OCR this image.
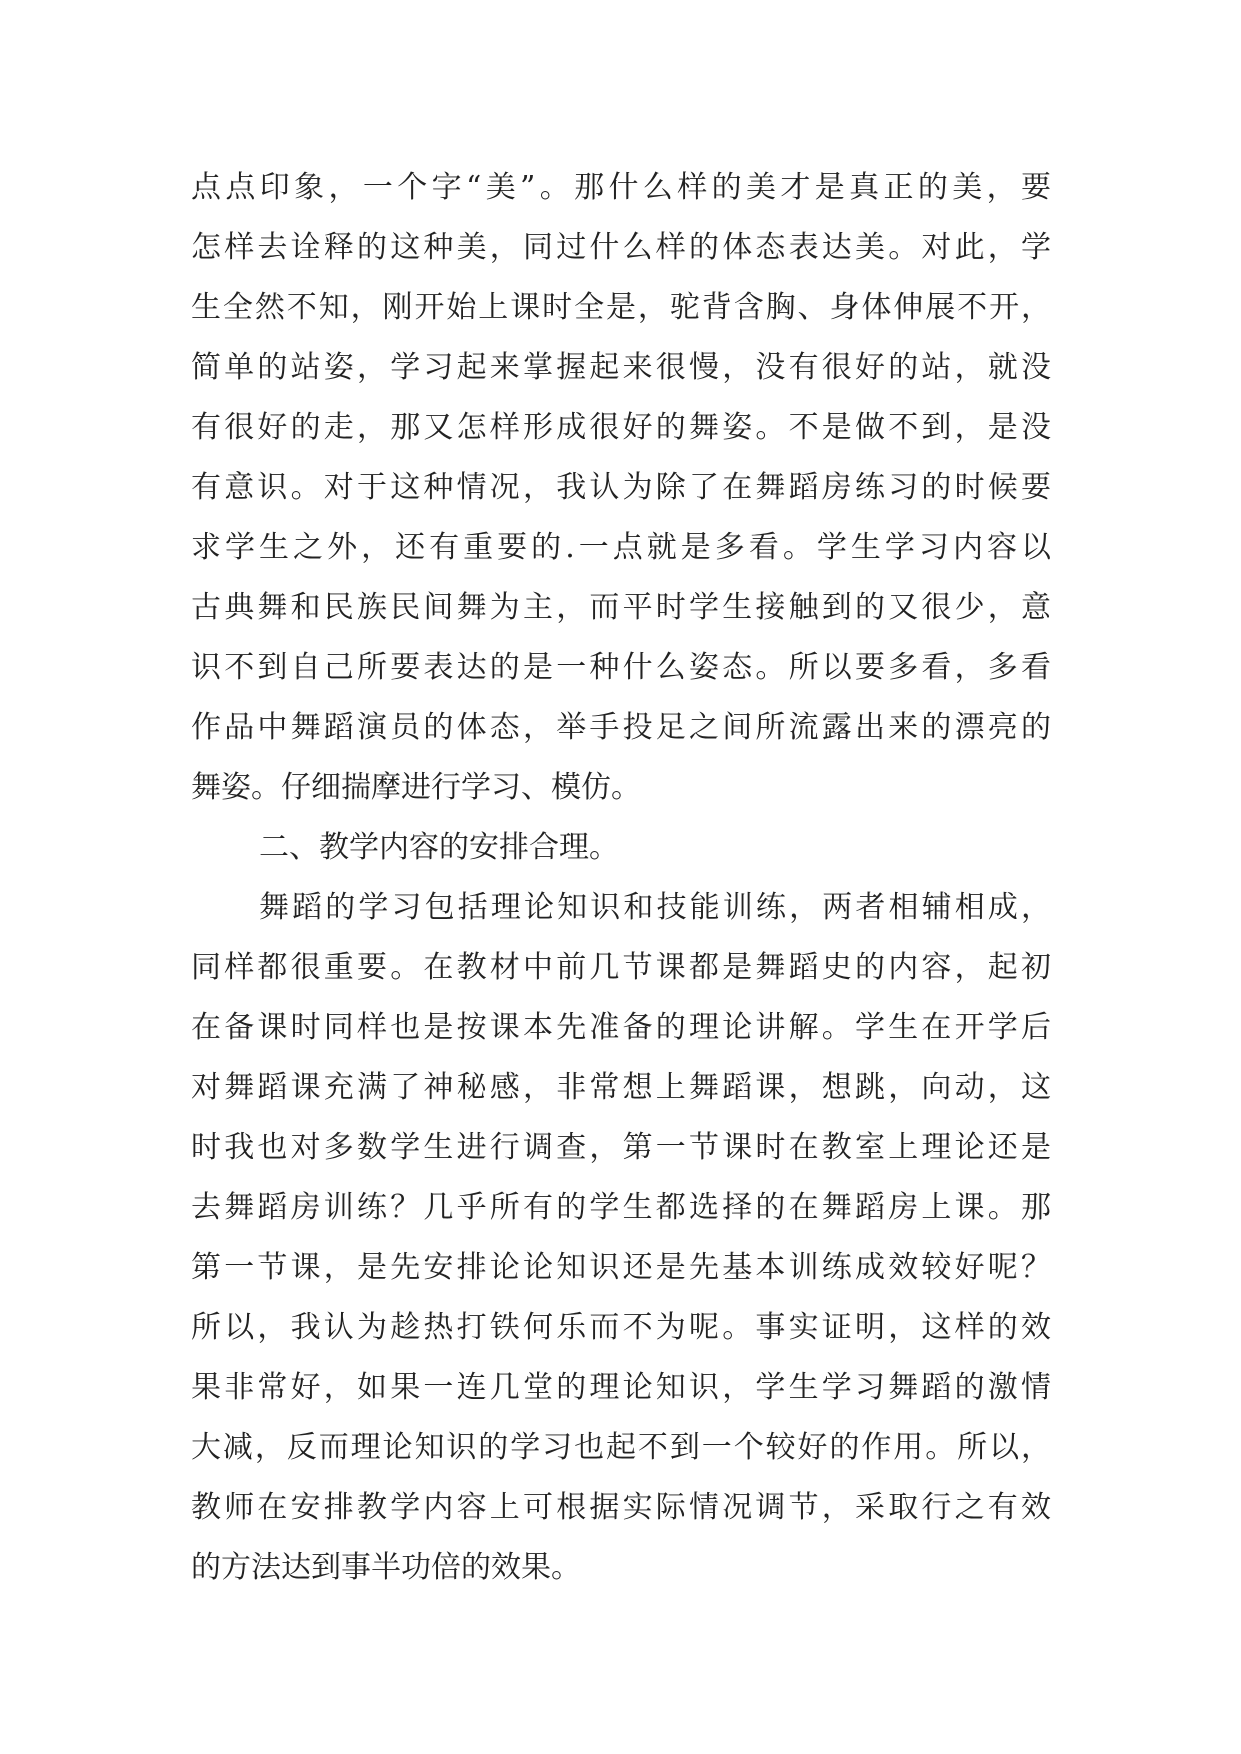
点点印象，一个字“美”。那什么样的美才是真正的美，要
怎样去诠释的这种美，同过什么样的体态表达美。对此，学
生全然不知，刚开始上课时全是，驼背含胸、身体伸展不开，
简单的站姿，学习起来掌握起来很慢，没有很好的站，就没
有很好的走，那又怎样形成很好的舞姿。不是做不到，是没
有意识。对于这种情况，我认为除了在舞蹈房练习的时候要
求学生之外，还有重要的.一点就是多看。学生学习内容以
古典舞和民族民间舞为主，而平时学生接触到的又很少，意
识不到自己所要表达的是一种什么姿态。所以要多看，多看
作品中舞蹈演员的体态，举手投足之间所流露出来的漂亮的
舞姿。仔细揣摩进行学习、模仿。
二、教学内容的安排合理。
舞蹈的学习包括理论知识和技能训练，两者相辅相成，
同样都很重要。在教材中前几节课都是舞蹈史的内容，起初
在备课时同样也是按课本先准备的理论讲解。学生在开学后
对舞蹈课充满了神秘感，非常想上舞蹈课，想跳，向动，这
时我也对多数学生进行调查，第一节课时在教室上理论还是
去舞蹈房训练？几乎所有的学生都选择的在舞蹈房上课。那
第一节课，是先安排论论知识还是先基本训练成效较好呢？
所以，我认为趁热打铁何乐而不为呢。事实证明，这样的效
果非常好，如果一连几堂的理论知识，学生学习舞蹈的激情
大减，反而理论知识的学习也起不到一个较好的作用。所以，
教师在安排教学内容上可根据实际情况调节，采取行之有效
的方法达到事半功倍的效果。
